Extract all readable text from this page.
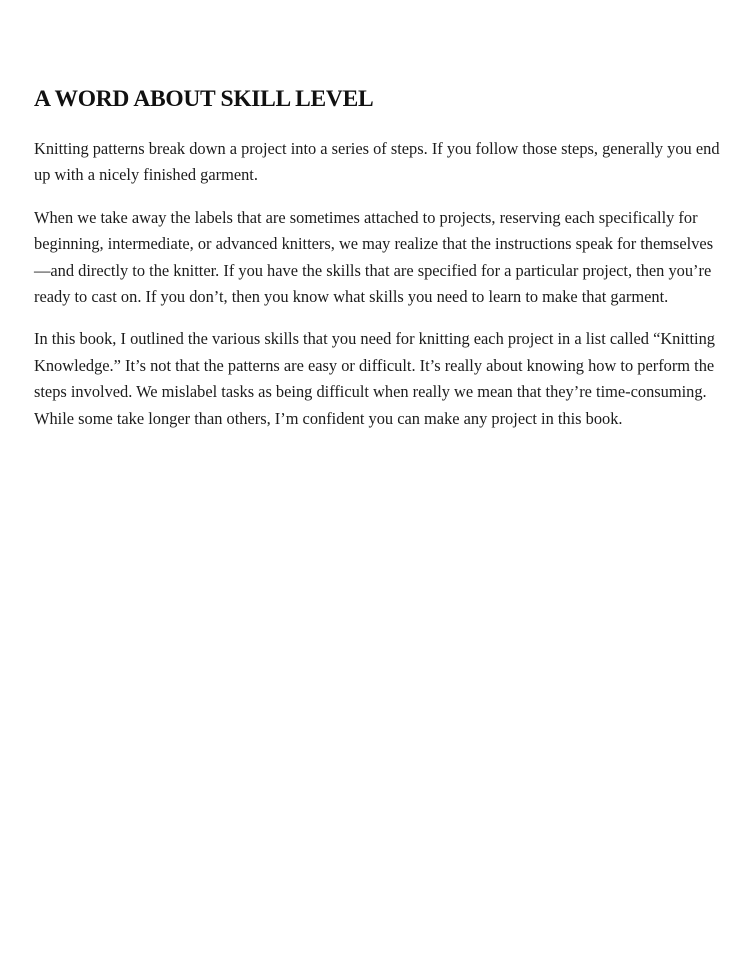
A WORD ABOUT SKILL LEVEL

Knitting patterns break down a project into a series of steps. If you follow those steps, generally you end up with a nicely finished garment.

When we take away the labels that are sometimes attached to projects, reserving each specifically for beginning, intermediate, or advanced knitters, we may realize that the instructions speak for themselves—and directly to the knitter. If you have the skills that are specified for a particular project, then you’re ready to cast on. If you don’t, then you know what skills you need to learn to make that garment.

In this book, I outlined the various skills that you need for knitting each project in a list called “Knitting Knowledge.” It’s not that the patterns are easy or difficult. It’s really about knowing how to perform the steps involved. We mislabel tasks as being difficult when really we mean that they’re time-consuming. While some take longer than others, I’m confident you can make any project in this book.
